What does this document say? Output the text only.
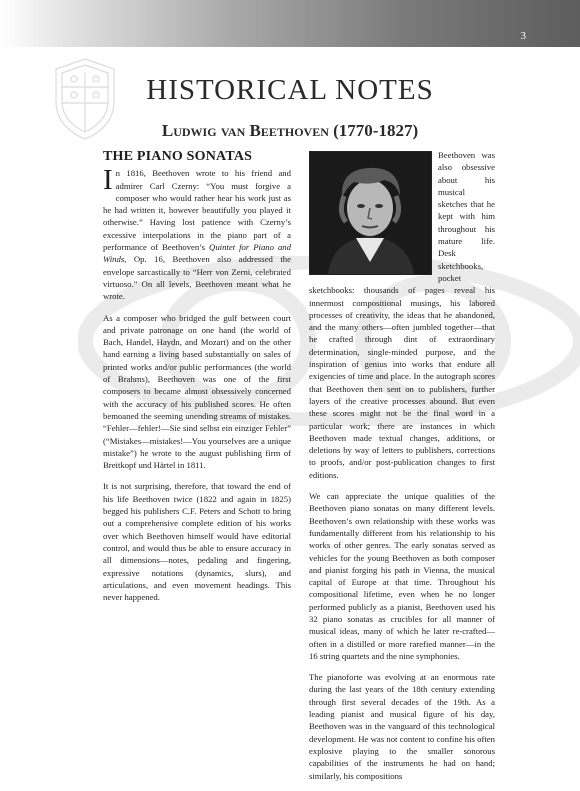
3
HISTORICAL NOTES
Ludwig van Beethoven (1770-1827)
THE PIANO SONATAS

In 1816, Beethoven wrote to his friend and admirer Carl Czerny: “You must forgive a composer who would rather hear his work just as he had written it, however beautifully you played it otherwise.” Having lost patience with Czerny’s excessive interpolations in the piano part of a performance of Beethoven’s Quintet for Piano and Winds, Op. 16, Beethoven also addressed the envelope sarcastically to “Herr von Zerni, celebrated virtuoso.” On all levels, Beethoven meant what he wrote.

As a composer who bridged the gulf between court and private patronage on one hand (the world of Bach, Handel, Haydn, and Mozart) and on the other hand earning a living based substantially on sales of printed works and/or public performances (the world of Brahms), Beethoven was one of the first composers to became almost obsessively concerned with the accuracy of his published scores. He often bemoaned the seeming unending streams of mistakes. “Fehler—fehler!—Sie sind selbst ein einziger Fehler” (“Mistakes—mistakes!—You yourselves are a unique mistake”) he wrote to the august publishing firm of Breitkopf und Härtel in 1811.

It is not surprising, therefore, that toward the end of his life Beethoven twice (1822 and again in 1825) begged his publishers C.F. Peters and Schott to bring out a comprehensive complete edition of his works over which Beethoven himself would have editorial control, and would thus be able to ensure accuracy in all dimensions—notes, pedaling and fingering, expressive notations (dynamics, slurs), and articulations, and even movement headings. This never happened.

Beethoven was also obsessive about his musical sketches that he kept with him throughout his mature life. Desk sketchbooks, pocket sketchbooks: thousands of pages reveal his innermost compositional musings, his labored processes of creativity, the ideas that he abandoned, and the many others—often jumbled together—that he crafted through dint of extraordinary determination, single-minded purpose, and the inspiration of genius into works that endure all exigencies of time and place. In the autograph scores that Beethoven then sent on to publishers, further layers of the creative processes abound. But even these scores might not be the final word in a particular work; there are instances in which Beethoven made textual changes, additions, or deletions by way of letters to publishers, corrections to proofs, and/or post-publication changes to first editions.

We can appreciate the unique qualities of the Beethoven piano sonatas on many different levels. Beethoven’s own relationship with these works was fundamentally different from his relationship to his works of other genres. The early sonatas served as vehicles for the young Beethoven as both composer and pianist forging his path in Vienna, the musical capital of Europe at that time. Throughout his compositional lifetime, even when he no longer performed publicly as a pianist, Beethoven used his 32 piano sonatas as crucibles for all manner of musical ideas, many of which he later re-crafted—often in a distilled or more rarefied manner—in the 16 string quartets and the nine symphonies.

The pianoforte was evolving at an enormous rate during the last years of the 18th century extending through first several decades of the 19th. As a leading pianist and musical figure of his day, Beethoven was in the vanguard of this technological development. He was not content to confine his often explosive playing to the smaller sonorous capabilities of the instruments he had on hand; similarly, his compositions
